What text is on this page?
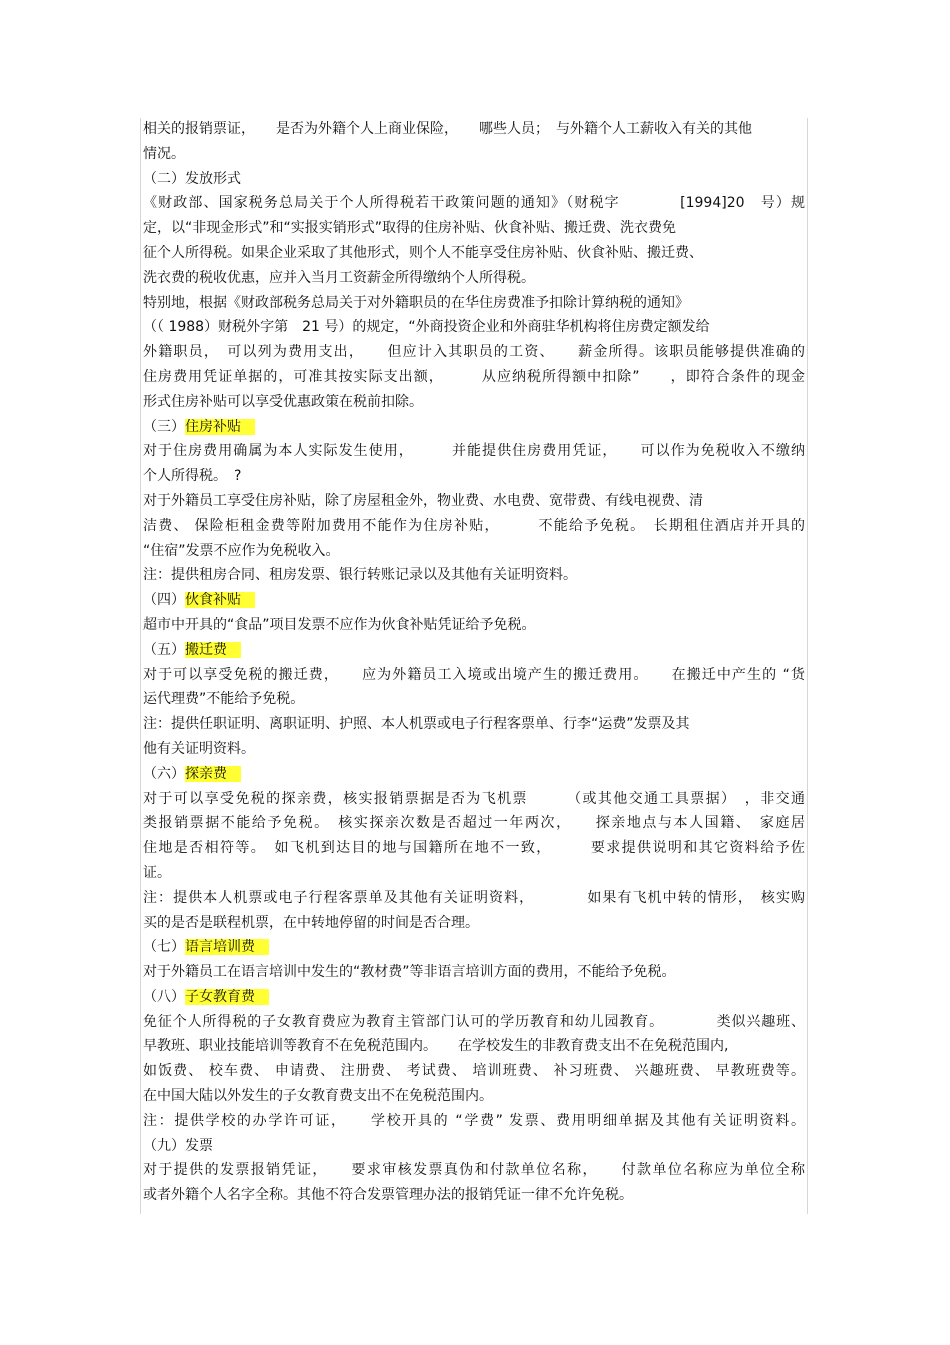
相关的报销票证，　　是否为外籍个人上商业保险，　　哪些人员；　与外籍个人工薪收入有关的其他
情况。
（二）发放形式
《财政部、国家税务总局关于个人所得税若干政策问题的通知》（财税字　　　　[1994]20　号）规
定，以“非现金形式”和“实报实销形式”取得的住房补贴、伙食补贴、搬迁费、洗衣费免
征个人所得税。如果企业采取了其他形式，则个人不能享受住房补贴、伙食补贴、搬迁费、
洗衣费的税收优惠，应并入当月工资薪金所得缴纳个人所得税。
特别地，根据《财政部税务总局关于对外籍职员的在华住房费准予扣除计算纳税的通知》
（（ 1988）财税外字第　21 号）的规定，“外商投资企业和外商驻华机构将住房费定额发给
外籍职员，　可以列为费用支出，　　但应计入其职员的工资、　　薪金所得。该职员能够提供准确的
住房费用凭证单据的，可准其按实际支出额，　　　从应纳税所得额中扣除”　　，即符合条件的现金
形式住房补贴可以享受优惠政策在税前扣除。
（三）住房补贴
对于住房费用确属为本人实际发生使用，　　　并能提供住房费用凭证，　　可以作为免税收入不缴纳
个人所得税。　?
对于外籍员工享受住房补贴，除了房屋租金外，物业费、水电费、宽带费、有线电视费、清
洁费、 保险柜租金费等附加费用不能作为住房补贴，　　　不能给予免税。　长期租住酒店并开具的
“住宿”发票不应作为免税收入。
注：提供租房合同、租房发票、银行转账记录以及其他有关证明资料。
（四）伙食补贴
超市中开具的“食品”项目发票不应作为伙食补贴凭证给予免税。
（五）搬迁费
对于可以享受免税的搬迁费，　　应为外籍员工入境或出境产生的搬迁费用。　　在搬迁中产生的 “货
运代理费”不能给予免税。
注：提供任职证明、离职证明、护照、本人机票或电子行程客票单、行李“运费”发票及其
他有关证明资料。
（六）探亲费
对于可以享受免税的探亲费，核实报销票据是否为飞机票　　　（或其他交通工具票据）　，非交通
类报销票据不能给予免税。　核实探亲次数是否超过一年两次，　　探亲地点与本人国籍、　家庭居
住地是否相符等。　如飞机到达目的地与国籍所在地不一致，　　　要求提供说明和其它资料给予佐
证。
注：提供本人机票或电子行程客票单及其他有关证明资料，　　　　如果有飞机中转的情形，　核实购
买的是否是联程机票，在中转地停留的时间是否合理。
（七）语言培训费
对于外籍员工在语言培训中发生的“教材费”等非语言培训方面的费用，不能给予免税。
（八）子女教育费
免征个人所得税的子女教育费应为教育主管部门认可的学历教育和幼儿园教育。　　　　类似兴趣班、
早教班、职业技能培训等教育不在免税范围内。　　在学校发生的非教育费支出不在免税范围内,
如饭费、 校车费、 申请费、 注册费、 考试费、 培训班费、 补习班费、 兴趣班费、 早教班费等。
在中国大陆以外发生的子女教育费支出不在免税范围内。
注：提供学校的办学许可证，　　学校开具的 “学费” 发票、费用明细单据及其他有关证明资料。
（九）发票
对于提供的发票报销凭证，　　要求审核发票真伪和付款单位名称，　　付款单位名称应为单位全称
或者外籍个人名字全称。其他不符合发票管理办法的报销凭证一律不允许免税。
